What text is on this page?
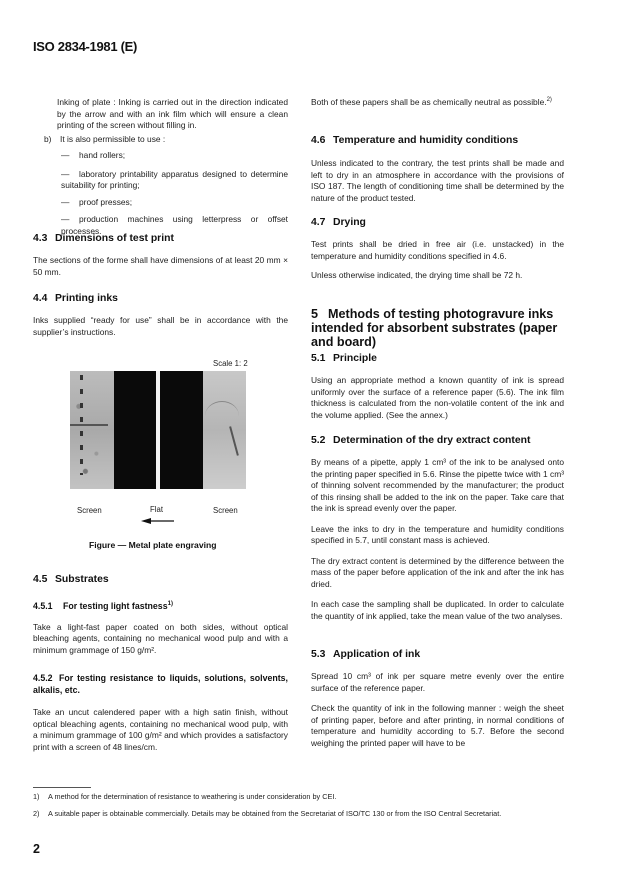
ISO 2834-1981 (E)

Inking of plate : Inking is carried out in the direction indicated by the arrow and with an ink film which will ensure a clean printing of the screen without filling in.

b) It is also permissible to use :
— hand rollers;
— laboratory printability apparatus designed to determine suitability for printing;
— proof presses;
— production machines using letterpress or offset processes.
4.3 Dimensions of test print

The sections of the forme shall have dimensions of at least 20 mm × 50 mm.

4.4 Printing inks

Inks supplied “ready for use” shall be in accordance with the supplier’s instructions.

Scale 1: 2
Screen	Flat	Screen
Figure — Metal plate engraving
4.5 Substrates
4.5.1 For testing light fastness$^{1)}$

Take a light-fast paper coated on both sides, without optical bleaching agents, containing no mechanical wood pulp and with a minimum grammage of 150 g/m².

4.5.2 For testing resistance to liquids, solutions, solvents, alkalis, etc.

Take an uncut calendered paper with a high satin finish, without optical bleaching agents, containing no mechanical wood pulp, with a minimum grammage of 100 g/m² and which provides a satisfactory print with a screen of 48 lines/cm.

Both of these papers shall be as chemically neutral as possible.$^{2)}$

4.6 Temperature and humidity conditions

Unless indicated to the contrary, the test prints shall be made and left to dry in an atmosphere in accordance with the provisions of ISO 187. The length of conditioning time shall be determined by the nature of the product tested.

4.7 Drying

Test prints shall be dried in free air (i.e. unstacked) in the temperature and humidity conditions specified in 4.6.

Unless otherwise indicated, the drying time shall be 72 h.

5 Methods of testing photogravure inks intended for absorbent substrates (paper and board)
5.1 Principle

Using an appropriate method a known quantity of ink is spread uniformly over the surface of a reference paper (5.6). The ink film thickness is calculated from the non-volatile content of the ink and the volume applied. (See the annex.)

5.2 Determination of the dry extract content

By means of a pipette, apply 1 cm³ of the ink to be analysed onto the printing paper specified in 5.6. Rinse the pipette twice with 1 cm³ of thinning solvent recommended by the manufacturer; the product of this rinsing shall be added to the ink on the paper. Take care that the ink is spread evenly over the paper.

Leave the inks to dry in the temperature and humidity conditions specified in 5.7, until constant mass is achieved.

The dry extract content is determined by the difference between the mass of the paper before application of the ink and after the ink has dried.

In each case the sampling shall be duplicated. In order to calculate the quantity of ink applied, take the mean value of the two analyses.

5.3 Application of ink

Spread 10 cm³ of ink per square metre evenly over the entire surface of the reference paper.

Check the quantity of ink in the following manner : weigh the sheet of printing paper, before and after printing, in normal conditions of temperature and humidity according to 5.7. Before the second weighing the printed paper will have to be

1) A method for the determination of resistance to weathering is under consideration by CEI.
2) A suitable paper is obtainable commercially. Details may be obtained from the Secretariat of ISO/TC 130 or from the ISO Central Secretariat.
2
